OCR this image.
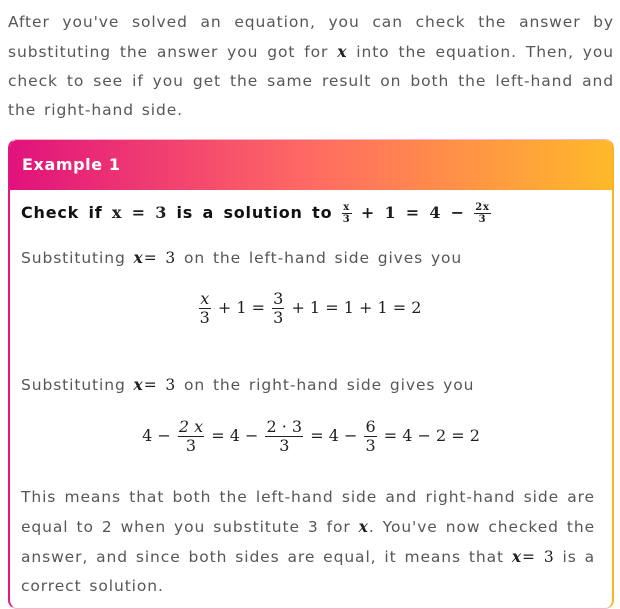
After you've solved an equation, you can check the answer by substituting the answer you got for x into the equation. Then, you check to see if you get the same result on both the left-hand and the right-hand side.
Example 1
Check if x = 3 is a solution to $\frac{x}{3} + 1 = 4 - \frac{2x}{3}$
Substituting x= 3 on the left-hand side gives you
$\frac{x}{3} + 1 = \frac{3}{3} + 1 = 1 + 1 = 2$
Substituting x= 3 on the right-hand side gives you
$4 - \frac{2 x}{3} = 4 - \frac{2 \cdot 3}{3} = 4 - \frac{6}{3} = 4 - 2 = 2$
This means that both the left-hand side and right-hand side are equal to 2 when you substitute 3 for x. You've now checked the answer, and since both sides are equal, it means that x= 3 is a correct solution.
